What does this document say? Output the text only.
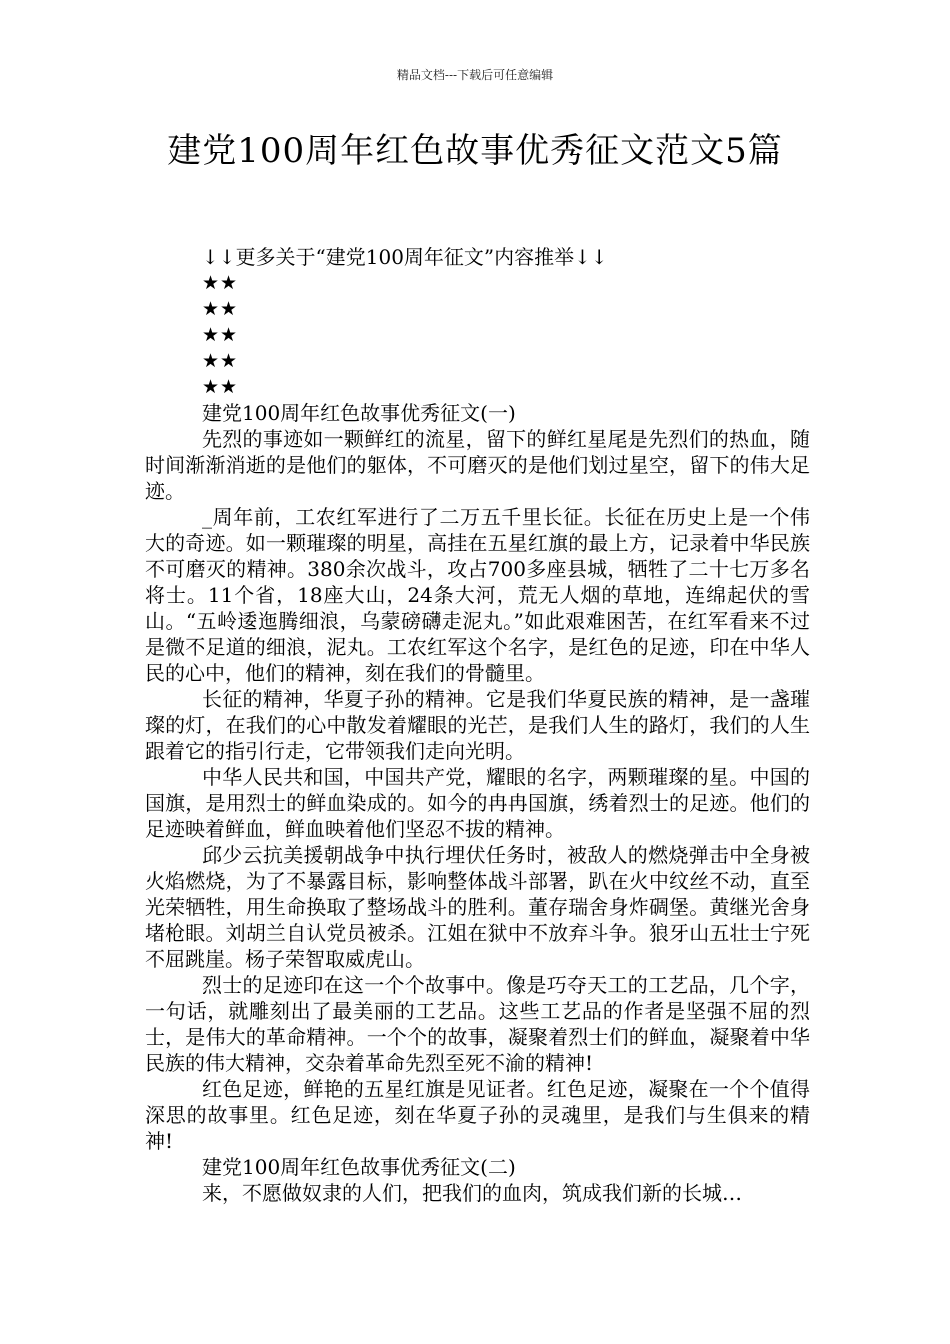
精品文档---下载后可任意编辑
建党100周年红色故事优秀征文范文5篇
↓↓更多关于“建党100周年征文”内容推举↓↓
★★
★★
★★
★★
★★
建党100周年红色故事优秀征文(一)

先烈的事迹如一颗鲜红的流星，留下的鲜红星尾是先烈们的热血，随时间渐渐消逝的是他们的躯体，不可磨灭的是他们划过星空，留下的伟大足迹。

_周年前，工农红军进行了二万五千里长征。长征在历史上是一个伟大的奇迹。如一颗璀璨的明星，高挂在五星红旗的最上方，记录着中华民族不可磨灭的精神。380余次战斗，攻占700多座县城，牺牲了二十七万多名将士。11个省，18座大山，24条大河，荒无人烟的草地，连绵起伏的雪山。“五岭逶迤腾细浪，乌蒙磅礴走泥丸。”如此艰难困苦，在红军看来不过是微不足道的细浪，泥丸。工农红军这个名字，是红色的足迹，印在中华人民的心中，他们的精神，刻在我们的骨髓里。

长征的精神，华夏子孙的精神。它是我们华夏民族的精神，是一盏璀璨的灯，在我们的心中散发着耀眼的光芒，是我们人生的路灯，我们的人生跟着它的指引行走，它带领我们走向光明。

中华人民共和国，中国共产党，耀眼的名字，两颗璀璨的星。中国的国旗，是用烈士的鲜血染成的。如今的冉冉国旗，绣着烈士的足迹。他们的足迹映着鲜血，鲜血映着他们坚忍不拔的精神。

邱少云抗美援朝战争中执行埋伏任务时，被敌人的燃烧弹击中全身被火焰燃烧，为了不暴露目标，影响整体战斗部署，趴在火中纹丝不动，直至光荣牺牲，用生命换取了整场战斗的胜利。董存瑞舍身炸碉堡。黄继光舍身堵枪眼。刘胡兰自认党员被杀。江姐在狱中不放弃斗争。狼牙山五壮士宁死不屈跳崖。杨子荣智取威虎山。

烈士的足迹印在这一个个故事中。像是巧夺天工的工艺品，几个字，一句话，就雕刻出了最美丽的工艺品。这些工艺品的作者是坚强不屈的烈士，是伟大的革命精神。一个个的故事，凝聚着烈士们的鲜血，凝聚着中华民族的伟大精神，交杂着革命先烈至死不渝的精神!

红色足迹，鲜艳的五星红旗是见证者。红色足迹，凝聚在一个个值得深思的故事里。红色足迹，刻在华夏子孙的灵魂里，是我们与生俱来的精神!

建党100周年红色故事优秀征文(二)

来，不愿做奴隶的人们，把我们的血肉，筑成我们新的长城…
